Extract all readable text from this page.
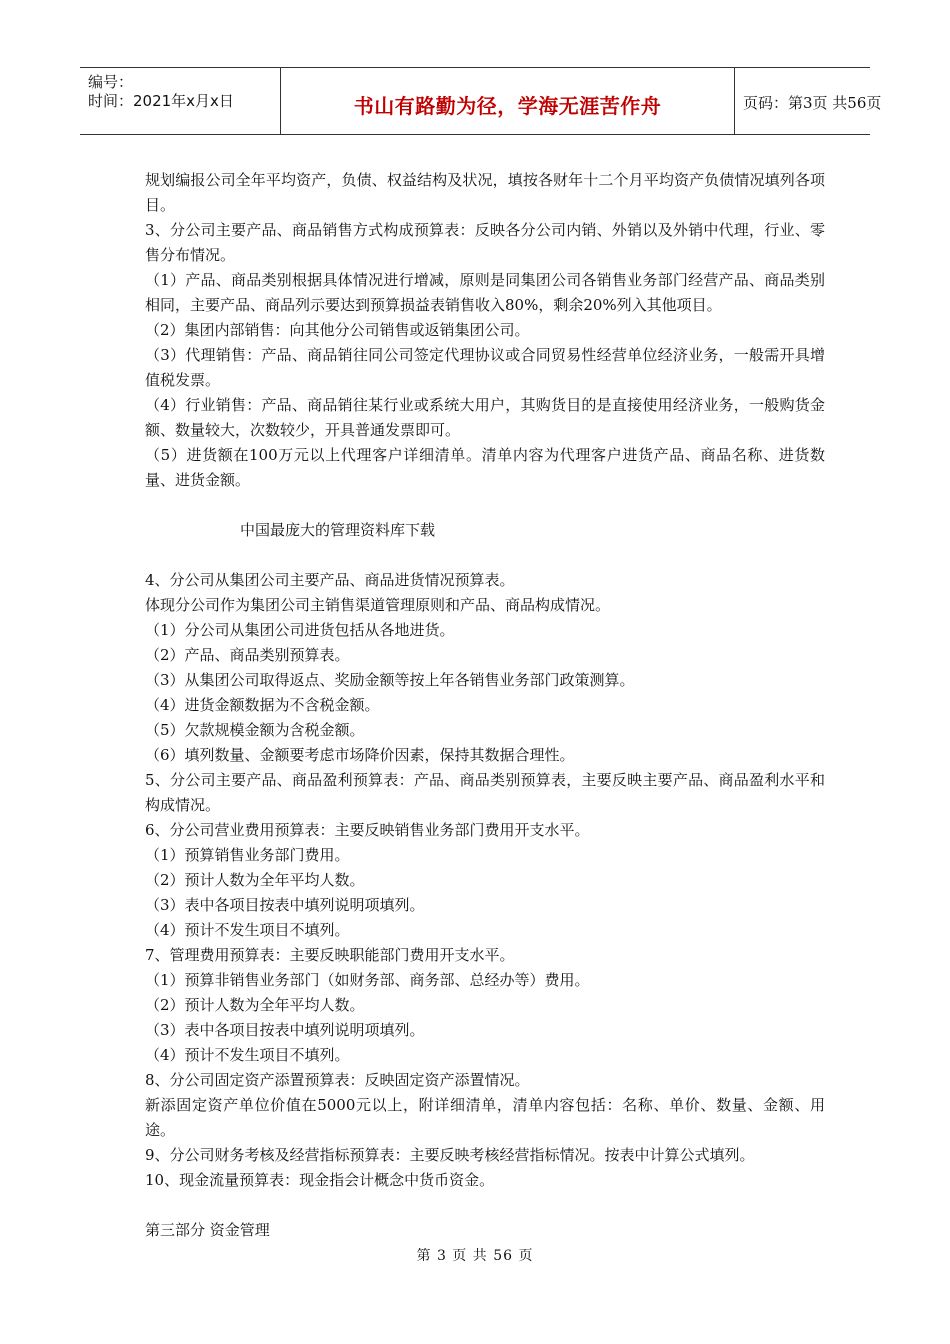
编号：
时间：2021年x月x日	书山有路勤为径，学海无涯苦作舟	页码：第3页 共56页

规划编报公司全年平均资产，负债、权益结构及状况，填按各财年十二个月平均资产负债情况填列各项目。

3、分公司主要产品、商品销售方式构成预算表：反映各分公司内销、外销以及外销中代理，行业、零售分布情况。

（1）产品、商品类别根据具体情况进行增减，原则是同集团公司各销售业务部门经营产品、商品类别相同，主要产品、商品列示要达到预算损益表销售收入80%，剩余20%列入其他项目。

（2）集团内部销售：向其他分公司销售或返销集团公司。

（3）代理销售：产品、商品销往同公司签定代理协议或合同贸易性经营单位经济业务，一般需开具增值税发票。

（4）行业销售：产品、商品销往某行业或系统大用户，其购货目的是直接使用经济业务，一般购货金额、数量较大，次数较少，开具普通发票即可。

（5）进货额在100万元以上代理客户详细清单。清单内容为代理客户进货产品、商品名称、进货数量、进货金额。

中国最庞大的管理资料库下载

4、分公司从集团公司主要产品、商品进货情况预算表。

体现分公司作为集团公司主销售渠道管理原则和产品、商品构成情况。

（1）分公司从集团公司进货包括从各地进货。

（2）产品、商品类别预算表。

（3）从集团公司取得返点、奖励金额等按上年各销售业务部门政策测算。

（4）进货金额数据为不含税金额。

（5）欠款规模金额为含税金额。

（6）填列数量、金额要考虑市场降价因素，保持其数据合理性。

5、分公司主要产品、商品盈利预算表：产品、商品类别预算表，主要反映主要产品、商品盈利水平和构成情况。

6、分公司营业费用预算表：主要反映销售业务部门费用开支水平。

（1）预算销售业务部门费用。

（2）预计人数为全年平均人数。

（3）表中各项目按表中填列说明项填列。

（4）预计不发生项目不填列。

7、管理费用预算表：主要反映职能部门费用开支水平。

（1）预算非销售业务部门（如财务部、商务部、总经办等）费用。

（2）预计人数为全年平均人数。

（3）表中各项目按表中填列说明项填列。

（4）预计不发生项目不填列。

8、分公司固定资产添置预算表：反映固定资产添置情况。

新添固定资产单位价值在5000元以上，附详细清单，清单内容包括：名称、单价、数量、金额、用途。

9、分公司财务考核及经营指标预算表：主要反映考核经营指标情况。按表中计算公式填列。

10、现金流量预算表：现金指会计概念中货币资金。

第三部分 资金管理

第 3 页 共 56 页
